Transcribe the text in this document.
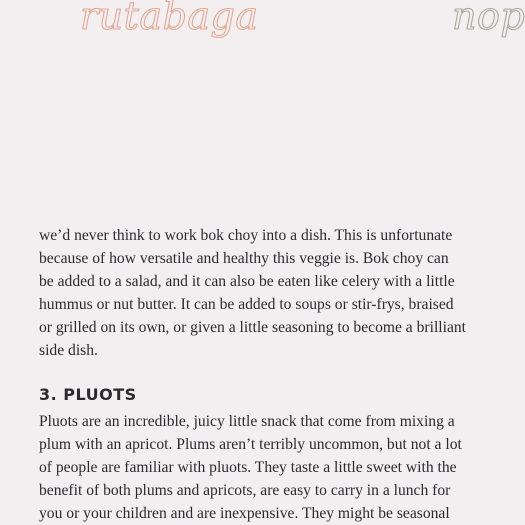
rutabaga	nop

we’d never think to work bok choy into a dish. This is unfortunate
because of how versatile and healthy this veggie is. Bok choy can
be added to a salad, and it can also be eaten like celery with a little
hummus or nut butter. It can be added to soups or stir-frys, braised
or grilled on its own, or given a little seasoning to become a brilliant
side dish.

3. PLUOTS

Pluots are an incredible, juicy little snack that come from mixing a
plum with an apricot. Plums aren’t terribly uncommon, but not a lot
of people are familiar with pluots. They taste a little sweet with the
benefit of both plums and apricots, are easy to carry in a lunch for
you or your children and are inexpensive. They might be seasonal
